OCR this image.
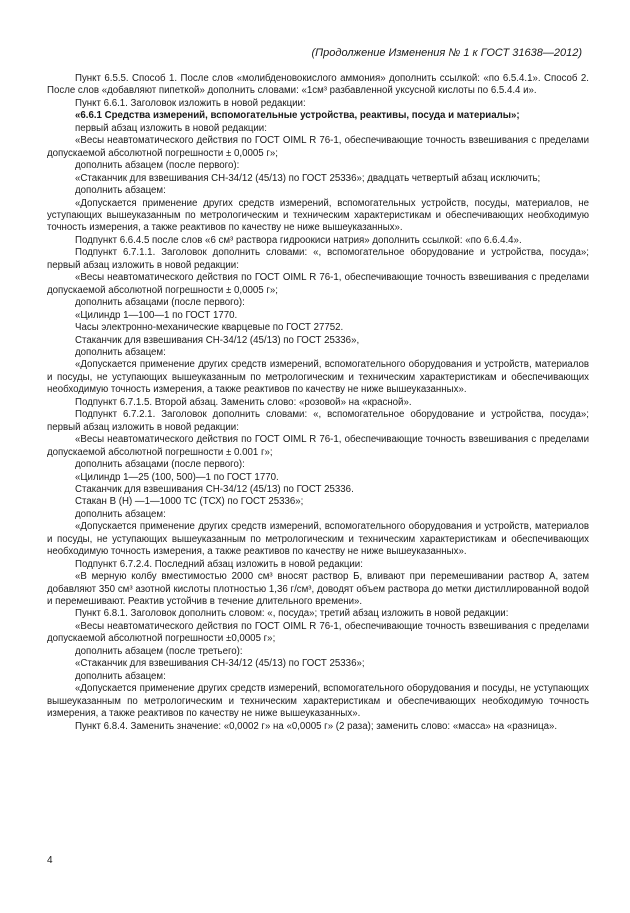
(Продолжение Изменения № 1 к ГОСТ 31638—2012)

Пункт 6.5.5. Способ 1. После слов «молибденовокислого аммония» дополнить ссылкой: «по 6.5.4.1». Способ 2. После слов «добавляют пипеткой» дополнить словами: «1см³ разбавленной уксусной кислоты по 6.5.4.4 и».

Пункт 6.6.1. Заголовок изложить в новой редакции:

«6.6.1 Средства измерений, вспомогательные устройства, реактивы, посуда и материалы»;

первый абзац изложить в новой редакции:

«Весы неавтоматического действия по ГОСТ OIML R 76-1, обеспечивающие точность взвешивания с пределами допускаемой абсолютной погрешности ± 0,0005 г»;

дополнить абзацем (после первого):

«Стаканчик для взвешивания СН-34/12 (45/13) по ГОСТ 25336»; двадцать четвертый абзац исключить;

дополнить абзацем:

«Допускается применение других средств измерений, вспомогательных устройств, посуды, материалов, не уступающих вышеуказанным по метрологическим и техническим характеристикам и обеспечивающих необходимую точность измерения, а также реактивов по качеству не ниже вышеуказанных».

Подпункт 6.6.4.5 после слов «6 см³ раствора гидроокиси натрия» дополнить ссылкой: «по 6.6.4.4».

Подпункт 6.7.1.1. Заголовок дополнить словами: «, вспомогательное оборудование и устройства, посуда»; первый абзац изложить в новой редакции:

«Весы неавтоматического действия по ГОСТ OIML R 76-1, обеспечивающие точность взвешивания с пределами допускаемой абсолютной погрешности ± 0,0005 г»;

дополнить абзацами (после первого):

«Цилиндр 1—100—1 по ГОСТ 1770.

Часы электронно-механические кварцевые по ГОСТ 27752.

Стаканчик для взвешивания СН-34/12 (45/13) по ГОСТ 25336»,

дополнить абзацем:

«Допускается применение других средств измерений, вспомогательного оборудования и устройств, материалов и посуды, не уступающих вышеуказанным по метрологическим и техническим характеристикам и обеспечивающих необходимую точность измерения, а также реактивов по качеству не ниже вышеуказанных».

Подпункт 6.7.1.5. Второй абзац. Заменить слово: «розовой» на «красной».

Подпункт 6.7.2.1. Заголовок дополнить словами: «, вспомогательное оборудование и устройства, посуда»; первый абзац изложить в новой редакции:

«Весы неавтоматического действия по ГОСТ OIML R 76-1, обеспечивающие точность взвешивания с пределами допускаемой абсолютной погрешности ± 0.001 г»;

дополнить абзацами (после первого):

«Цилиндр 1—25 (100, 500)—1 по ГОСТ 1770.

Стаканчик для взвешивания СН-34/12 (45/13) по ГОСТ 25336.

Стакан В (Н) —1—1000 ТС (ТСХ) по ГОСТ 25336»;

дополнить абзацем:

«Допускается применение других средств измерений, вспомогательного оборудования и устройств, материалов и посуды, не уступающих вышеуказанным по метрологическим и техническим характеристикам и обеспечивающих необходимую точность измерения, а также реактивов по качеству не ниже вышеуказанных».

Подпункт 6.7.2.4. Последний абзац изложить в новой редакции:

«В мерную колбу вместимостью 2000 см³ вносят раствор Б, вливают при перемешивании раствор А, затем добавляют 350 см³ азотной кислоты плотностью 1,36 г/см³, доводят объем раствора до метки дистиллированной водой и перемешивают. Реактив устойчив в течение длительного времени».

Пункт 6.8.1. Заголовок дополнить словом: «, посуда»; третий абзац изложить в новой редакции:

«Весы неавтоматического действия по ГОСТ OIML R 76-1, обеспечивающие точность взвешивания с пределами допускаемой абсолютной погрешности ±0,0005 г»;

дополнить абзацем (после третьего):

«Стаканчик для взвешивания СН-34/12 (45/13) по ГОСТ 25336»;

дополнить абзацем:

«Допускается применение других средств измерений, вспомогательного оборудования и посуды, не уступающих вышеуказанным по метрологическим и техническим характеристикам и обеспечивающих необходимую точность измерения, а также реактивов по качеству не ниже вышеуказанных».

Пункт 6.8.4. Заменить значение: «0,0002 г» на «0,0005 г» (2 раза); заменить слово: «масса» на «разница».

4
